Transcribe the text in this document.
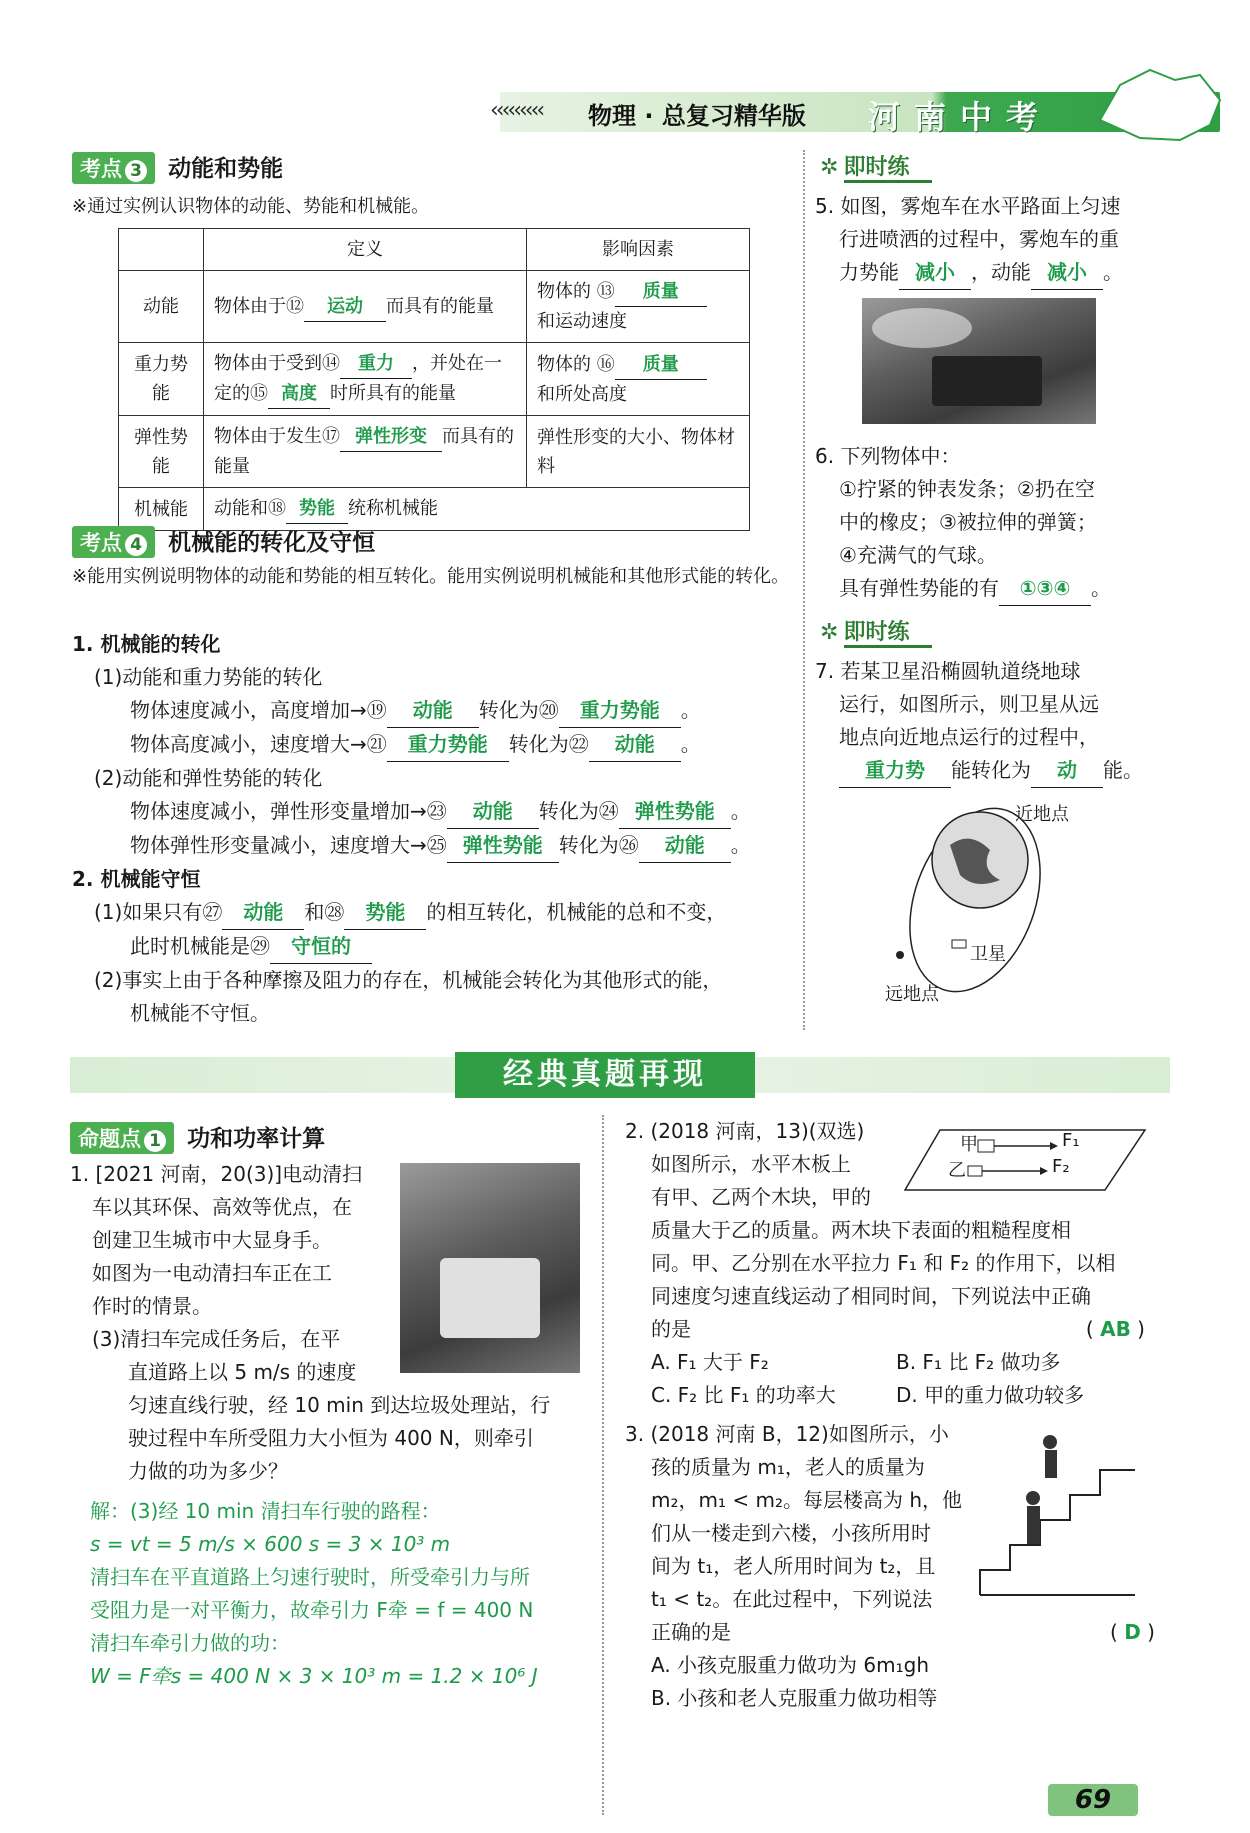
‹‹‹‹‹‹‹‹‹ 物理 · 总复习精华版 河南中考
考点 3 动能和势能
※通过实例认识物体的动能、势能和机械能。
	定义	影响因素
动能	物体由于⑫ 运动 而具有的能量	物体的 ⑬ 质量
和运动速度
重力势能	物体由于受到⑭ 重力 ，并处在一定的⑮ 高度 时所具有的能量	物体的 ⑯ 质量
和所处高度
弹性势能	物体由于发生⑰ 弹性形变 而具有的能量	弹性形变的大小、物体材料
机械能	动能和⑱ 势能 统称机械能	
考点 4 机械能的转化及守恒
※能用实例说明物体的动能和势能的相互转化。能用实例说明机械能和其他形式能的转化。
1. 机械能的转化
(1)动能和重力势能的转化
物体速度减小，高度增加→⑲ 动能 转化为⑳ 重力势能 。
物体高度减小，速度增大→㉑ 重力势能 转化为㉒ 动能 。
(2)动能和弹性势能的转化
物体速度减小，弹性形变量增加→㉓ 动能 转化为㉔ 弹性势能 。
物体弹性形变量减小，速度增大→㉕ 弹性势能 转化为㉖ 动能 。
2. 机械能守恒
(1)如果只有㉗ 动能 和㉘ 势能 的相互转化，机械能的总和不变，
此时机械能是㉙ 守恒的
(2)事实上由于各种摩擦及阻力的存在，机械能会转化为其他形式的能，
机械能不守恒。
✲ 即时练
5. 如图，雾炮车在水平路面上匀速
行进喷洒的过程中，雾炮车的重
力势能 减小 ，动能 减小 。
6. 下列物体中：
①拧紧的钟表发条；②扔在空
中的橡皮；③被拉伸的弹簧；
④充满气的气球。
具有弹性势能的有 ①③④ 。
✲ 即时练
7. 若某卫星沿椭圆轨道绕地球
运行，如图所示，则卫星从远
地点向近地点运行的过程中，
重力势 能转化为 动 能。
近地点
卫星
远地点
经典真题再现
命题点 1 功和功率计算
1. [2021 河南，20(3)]电动清扫
车以其环保、高效等优点，在
创建卫生城市中大显身手。
如图为一电动清扫车正在工
作时的情景。
(3)清扫车完成任务后，在平
直道路上以 5 m/s 的速度
匀速直线行驶，经 10 min 到达垃圾处理站，行
驶过程中车所受阻力大小恒为 400 N，则牵引
力做的功为多少？
解：(3)经 10 min 清扫车行驶的路程：
s = vt = 5 m/s × 600 s = 3 × 10³ m
清扫车在平直道路上匀速行驶时，所受牵引力与所
受阻力是一对平衡力，故牵引力 F牵 = f = 400 N
清扫车牵引力做的功：
W = F牵s = 400 N × 3 × 10³ m = 1.2 × 10⁶ J
2. (2018 河南，13)(双选)
如图所示，水平木板上
有甲、乙两个木块，甲的
质量大于乙的质量。两木块下表面的粗糙程度相
同。甲、乙分别在水平拉力 F₁ 和 F₂ 的作用下，以相
同速度匀速直线运动了相同时间，下列说法中正确
的是	( AB )
A. F₁ 大于 F₂	B. F₁ 比 F₂ 做功多
C. F₂ 比 F₁ 的功率大	D. 甲的重力做功较多
甲
乙
F₁
F₂
3. (2018 河南 B，12)如图所示，小
孩的质量为 m₁，老人的质量为
m₂，m₁ < m₂。每层楼高为 h，他
们从一楼走到六楼，小孩所用时
间为 t₁，老人所用时间为 t₂，且
t₁ < t₂。在此过程中，下列说法
正确的是	( D )
A. 小孩克服重力做功为 6m₁gh
B. 小孩和老人克服重力做功相等
69
